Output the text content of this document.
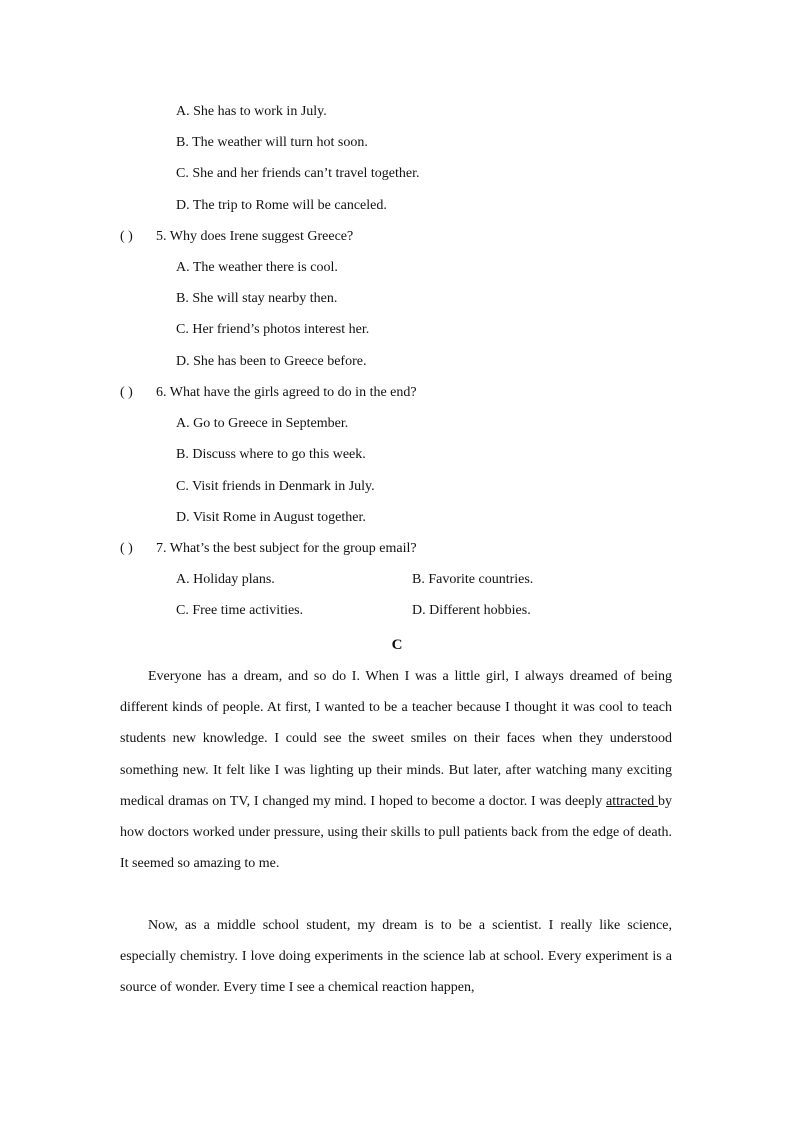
A. She has to work in July.
B. The weather will turn hot soon.
C. She and her friends can’t travel together.
D. The trip to Rome will be canceled.
( ) 5. Why does Irene suggest Greece?
A. The weather there is cool.
B. She will stay nearby then.
C. Her friend’s photos interest her.
D. She has been to Greece before.
( ) 6. What have the girls agreed to do in the end?
A. Go to Greece in September.
B. Discuss where to go this week.
C. Visit friends in Denmark in July.
D. Visit Rome in August together.
( ) 7. What’s the best subject for the group email?
A. Holiday plans.	B. Favorite countries.
C. Free time activities.	D. Different hobbies.
C
Everyone has a dream, and so do I. When I was a little girl, I always dreamed of being different kinds of people. At first, I wanted to be a teacher because I thought it was cool to teach students new knowledge. I could see the sweet smiles on their faces when they understood something new. It felt like I was lighting up their minds. But later, after watching many exciting medical dramas on TV, I changed my mind. I hoped to become a doctor. I was deeply attracted by how doctors worked under pressure, using their skills to pull patients back from the edge of death. It seemed so amazing to me.
Now, as a middle school student, my dream is to be a scientist. I really like science, especially chemistry. I love doing experiments in the science lab at school. Every experiment is a source of wonder. Every time I see a chemical reaction happen,
